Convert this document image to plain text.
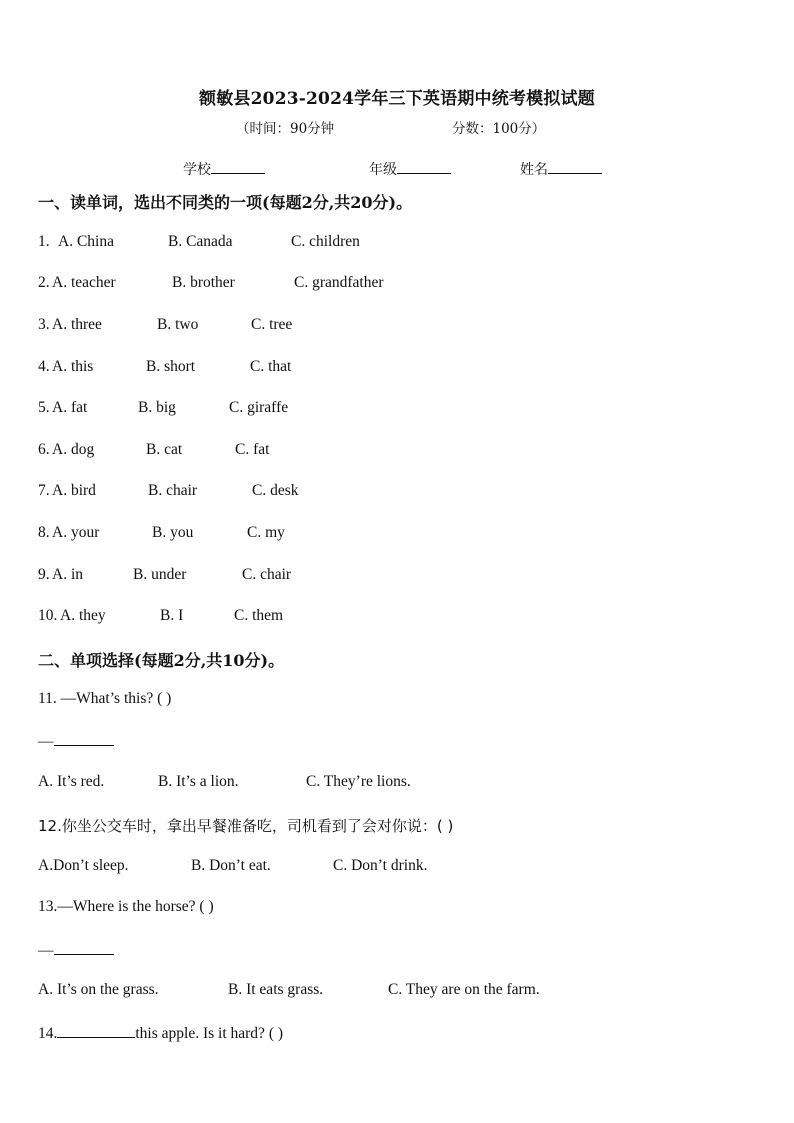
额敏县2023-2024学年三下英语期中统考模拟试题
（时间：90分钟	分数：100分）
学校	年级	姓名
一、读单词，选出不同类的一项(每题2分,共20分)。
1. A. China	B. Canada	C. children
2. A. teacher	B. brother	C. grandfather
3. A. three	B. two	C. tree
4. A. this	B. short	C. that
5. A. fat	B. big	C. giraffe
6. A. dog	B. cat	C. fat
7. A. bird	B. chair	C. desk
8. A. your	B. you	C. my
9. A. in	B. under	C. chair
10. A. they	B. I	C. them
二、单项选择(每题2分,共10分)。
11. —What’s this? ( )
—
A. It’s red.	B. It’s a lion.	C. They’re lions.
12.你坐公交车时，拿出早餐准备吃，司机看到了会对你说：( )
A.Don’t sleep.	B. Don’t eat.	C. Don’t drink.
13.—Where is the horse? ( )
—
A. It’s on the grass.	B. It eats grass.	C. They are on the farm.
14.	this apple. Is it hard? ( )
